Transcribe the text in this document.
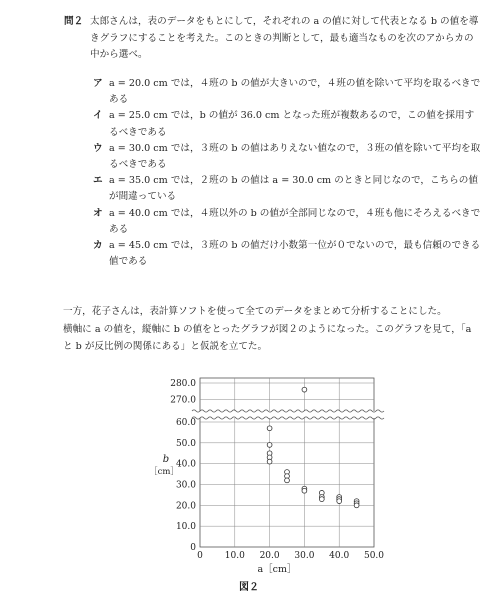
問２ 太郎さんは，表のデータをもとにして，それぞれの a の値に対して代表となる b の値を導きグラフにすることを考えた。このときの判断として，最も適当なものを次のアからカの中から選べ。
ア a = 20.0 cm では，４班の b の値が大きいので，４班の値を除いて平均を取るべきである
イ a = 25.0 cm では，b の値が 36.0 cm となった班が複数あるので，この値を採用するべきである
ウ a = 30.0 cm では，３班の b の値はありえない値なので，３班の値を除いて平均を取るべきである
エ a = 35.0 cm では，２班の b の値は a = 30.0 cm のときと同じなので，こちらの値が間違っている
オ a = 40.0 cm では，４班以外の b の値が全部同じなので，４班も他にそろえるべきである
カ a = 45.0 cm では，３班の b の値だけ小数第一位が０でないので，最も信頼のできる値である
一方，花子さんは，表計算ソフトを使って全てのデータをまとめて分析することにした。
横軸に a の値を，縦軸に b の値をとったグラフが図２のようになった。このグラフを見て，「a と b が反比例の関係にある」と仮説を立てた。
0 10.0 20.0 30.0 40.0 50.0
0
10.0
20.0
30.0
40.0
50.0
60.0
270.0
280.0
b
［cm］
a［cm］
図２
